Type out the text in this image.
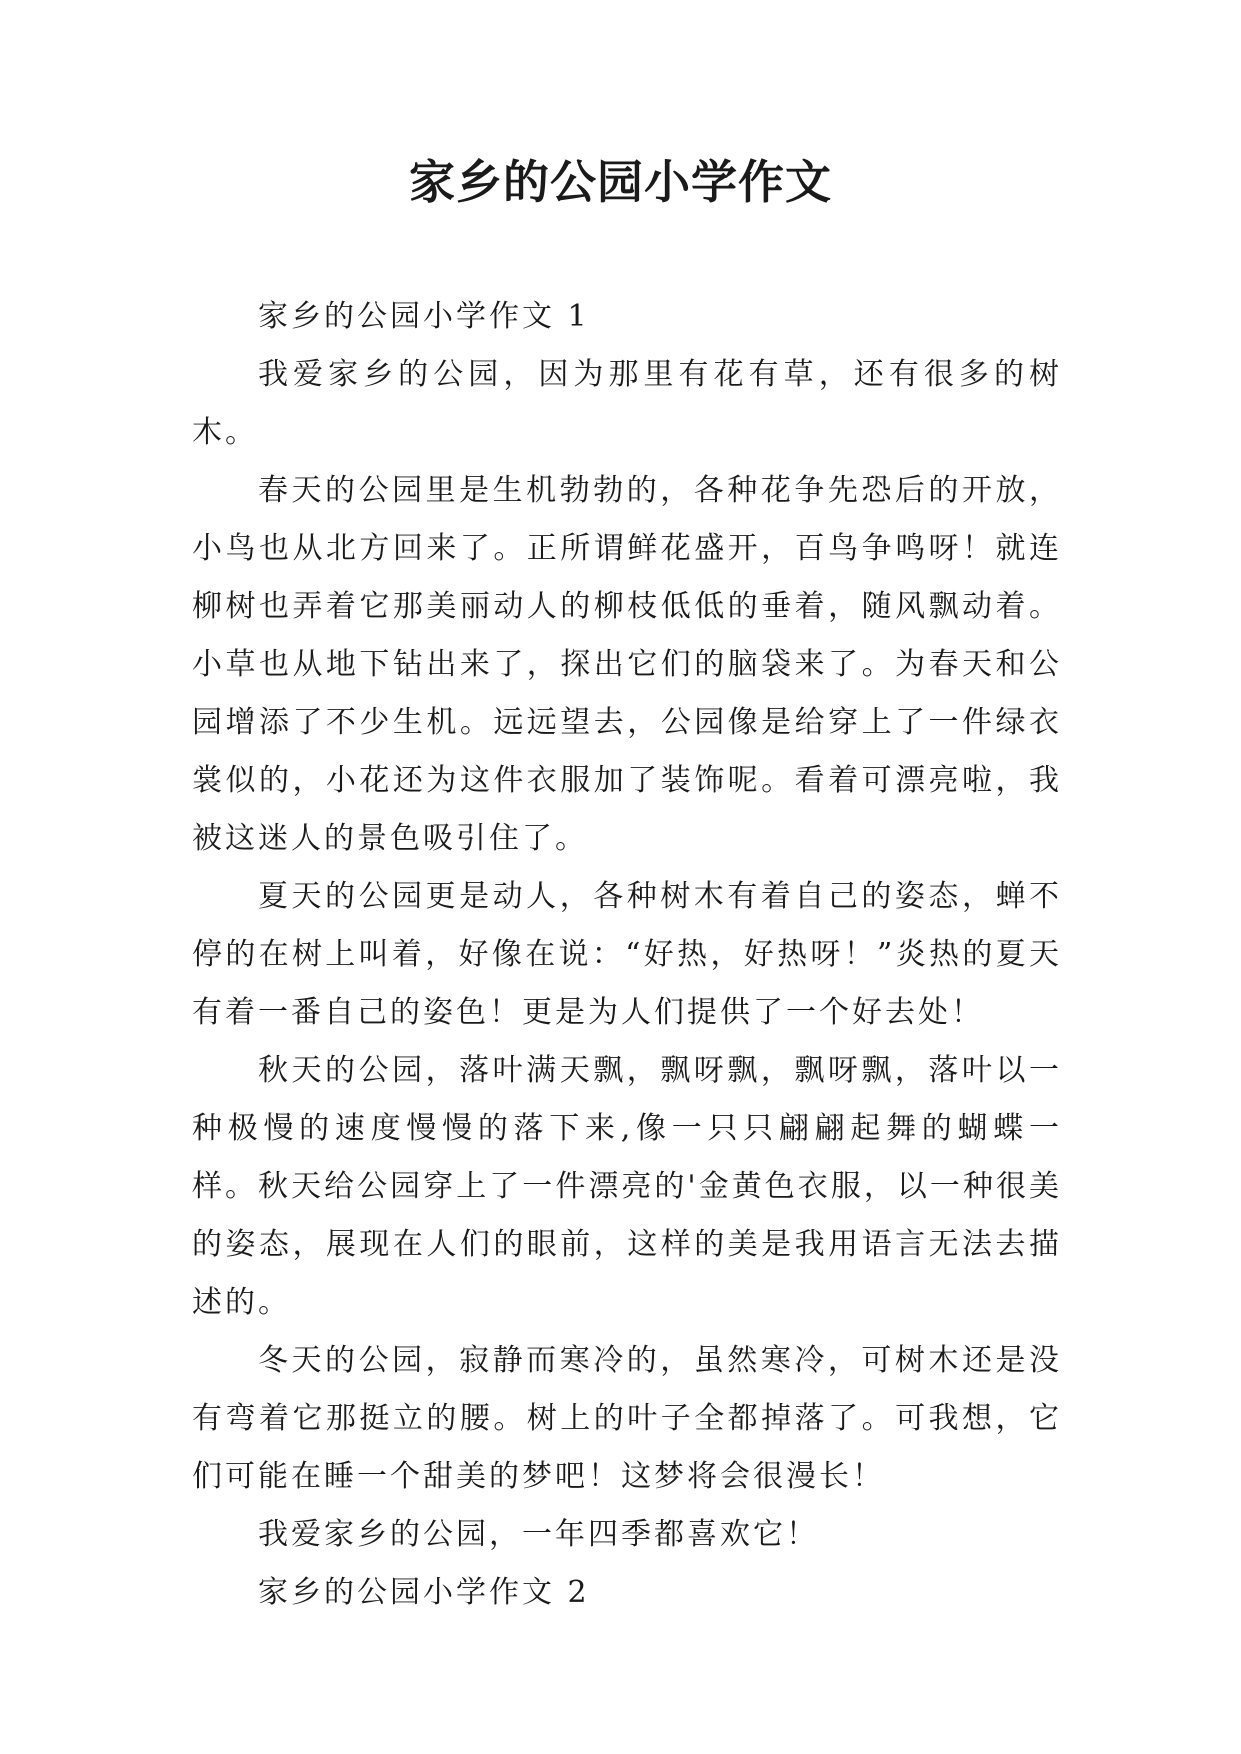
家乡的公园小学作文

家乡的公园小学作文 1

我爱家乡的公园，因为那里有花有草，还有很多的树木。

春天的公园里是生机勃勃的，各种花争先恐后的开放，小鸟也从北方回来了。正所谓鲜花盛开，百鸟争鸣呀！就连柳树也弄着它那美丽动人的柳枝低低的垂着，随风飘动着。小草也从地下钻出来了，探出它们的脑袋来了。为春天和公园增添了不少生机。远远望去，公园像是给穿上了一件绿衣裳似的，小花还为这件衣服加了装饰呢。看着可漂亮啦，我被这迷人的景色吸引住了。

夏天的公园更是动人，各种树木有着自己的姿态，蝉不停的在树上叫着，好像在说：“好热，好热呀！”炎热的夏天有着一番自己的姿色！更是为人们提供了一个好去处！

秋天的公园，落叶满天飘，飘呀飘，飘呀飘，落叶以一种极慢的速度慢慢的落下来,像一只只翩翩起舞的蝴蝶一样。秋天给公园穿上了一件漂亮的'金黄色衣服，以一种很美的姿态，展现在人们的眼前，这样的美是我用语言无法去描述的。

冬天的公园，寂静而寒冷的，虽然寒冷，可树木还是没有弯着它那挺立的腰。树上的叶子全都掉落了。可我想，它们可能在睡一个甜美的梦吧！这梦将会很漫长！

我爱家乡的公园，一年四季都喜欢它！

家乡的公园小学作文 2
